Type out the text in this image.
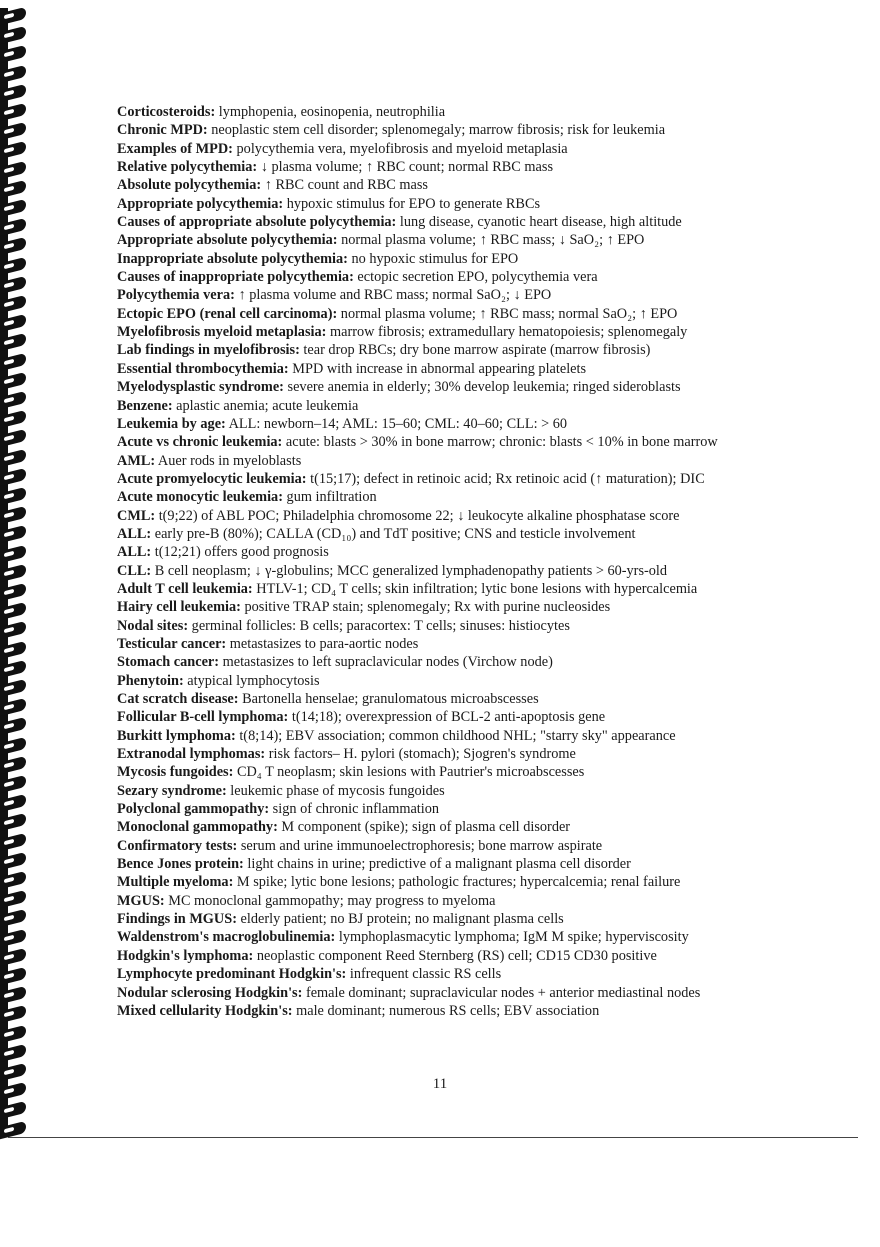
Corticosteroids: lymphopenia, eosinopenia, neutrophilia
Chronic MPD: neoplastic stem cell disorder; splenomegaly; marrow fibrosis; risk for leukemia
Examples of MPD: polycythemia vera, myelofibrosis and myeloid metaplasia
Relative polycythemia: ↓ plasma volume; ↑ RBC count; normal RBC mass
Absolute polycythemia: ↑ RBC count and RBC mass
Appropriate polycythemia: hypoxic stimulus for EPO to generate RBCs
Causes of appropriate absolute polycythemia: lung disease, cyanotic heart disease, high altitude
Appropriate absolute polycythemia: normal plasma volume; ↑ RBC mass; ↓ SaO₂; ↑ EPO
Inappropriate absolute polycythemia: no hypoxic stimulus for EPO
Causes of inappropriate polycythemia: ectopic secretion EPO, polycythemia vera
Polycythemia vera: ↑ plasma volume and RBC mass; normal SaO₂; ↓ EPO
Ectopic EPO (renal cell carcinoma): normal plasma volume; ↑ RBC mass; normal SaO₂; ↑ EPO
Myelofibrosis myeloid metaplasia: marrow fibrosis; extramedullary hematopoiesis; splenomegaly
Lab findings in myelofibrosis: tear drop RBCs; dry bone marrow aspirate (marrow fibrosis)
Essential thrombocythemia: MPD with increase in abnormal appearing platelets
Myelodysplastic syndrome: severe anemia in elderly; 30% develop leukemia; ringed sideroblasts
Benzene: aplastic anemia; acute leukemia
Leukemia by age: ALL: newborn–14; AML: 15–60; CML: 40–60; CLL: > 60
Acute vs chronic leukemia: acute: blasts > 30% in bone marrow; chronic: blasts < 10% in bone marrow
AML: Auer rods in myeloblasts
Acute promyelocytic leukemia: t(15;17); defect in retinoic acid; Rx retinoic acid (↑ maturation); DIC
Acute monocytic leukemia: gum infiltration
CML: t(9;22) of ABL POC; Philadelphia chromosome 22; ↓ leukocyte alkaline phosphatase score
ALL: early pre-B (80%); CALLA (CD₁₀) and TdT positive; CNS and testicle involvement
ALL: t(12;21) offers good prognosis
CLL: B cell neoplasm; ↓ γ-globulins; MCC generalized lymphadenopathy patients > 60-yrs-old
Adult T cell leukemia: HTLV-1; CD₄ T cells; skin infiltration; lytic bone lesions with hypercalcemia
Hairy cell leukemia: positive TRAP stain; splenomegaly; Rx with purine nucleosides
Nodal sites: germinal follicles: B cells; paracortex: T cells; sinuses: histiocytes
Testicular cancer: metastasizes to para-aortic nodes
Stomach cancer: metastasizes to left supraclavicular nodes (Virchow node)
Phenytoin: atypical lymphocytosis
Cat scratch disease: Bartonella henselae; granulomatous microabscesses
Follicular B-cell lymphoma: t(14;18); overexpression of BCL-2 anti-apoptosis gene
Burkitt lymphoma: t(8;14); EBV association; common childhood NHL; "starry sky" appearance
Extranodal lymphomas: risk factors– H. pylori (stomach); Sjogren's syndrome
Mycosis fungoides: CD₄ T neoplasm; skin lesions with Pautrier's microabscesses
Sezary syndrome: leukemic phase of mycosis fungoides
Polyclonal gammopathy: sign of chronic inflammation
Monoclonal gammopathy: M component (spike); sign of plasma cell disorder
Confirmatory tests: serum and urine immunoelectrophoresis; bone marrow aspirate
Bence Jones protein: light chains in urine; predictive of a malignant plasma cell disorder
Multiple myeloma: M spike; lytic bone lesions; pathologic fractures; hypercalcemia; renal failure
MGUS: MC monoclonal gammopathy; may progress to myeloma
Findings in MGUS: elderly patient; no BJ protein; no malignant plasma cells
Waldenstrom's macroglobulinemia: lymphoplasmacytic lymphoma; IgM M spike; hyperviscosity
Hodgkin's lymphoma: neoplastic component Reed Sternberg (RS) cell; CD15 CD30 positive
Lymphocyte predominant Hodgkin's: infrequent classic RS cells
Nodular sclerosing Hodgkin's: female dominant; supraclavicular nodes + anterior mediastinal nodes
Mixed cellularity Hodgkin's: male dominant; numerous RS cells; EBV association
11
